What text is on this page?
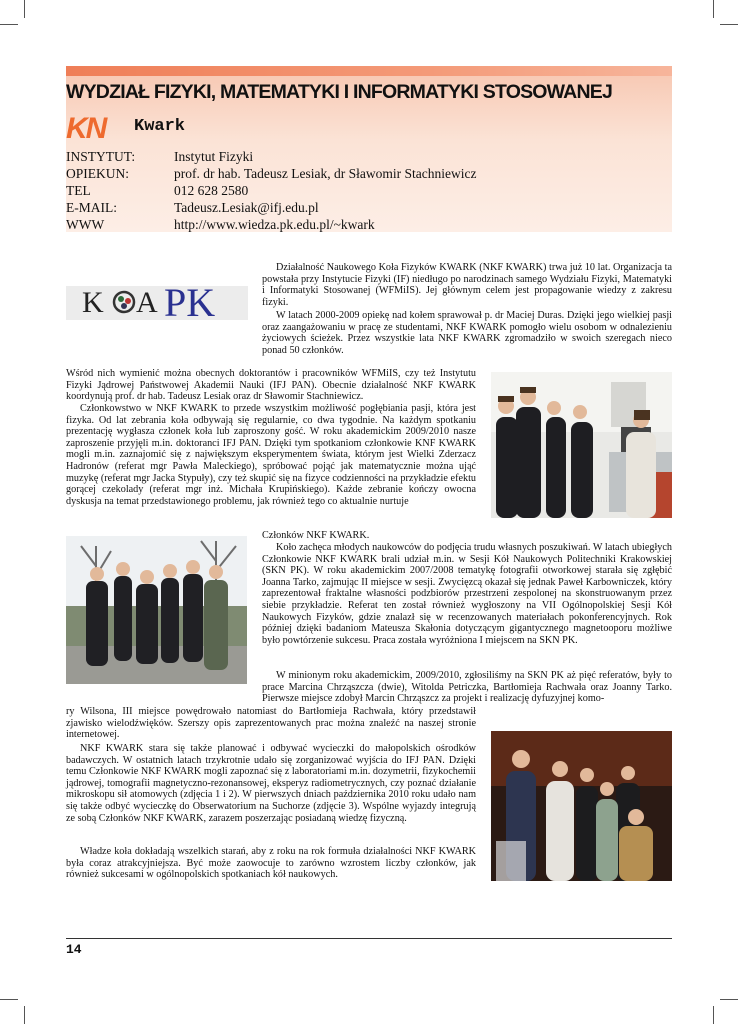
WYDZIAŁ FIZYKI, MATEMATYKI I INFORMATYKI STOSOWANEJ
KN Kwark
INSTYTUT:	Instytut Fizyki
OPIEKUN:	prof. dr hab. Tadeusz Lesiak, dr Sławomir Stachniewicz
TEL	012 628 2580
E-MAIL:	Tadeusz.Lesiak@ifj.edu.pl
WWW	http://www.wiedza.pk.edu.pl/~kwark
K A PK

Działalność Naukowego Koła Fizyków KWARK (NKF KWARK) trwa już 10 lat. Organizacja ta powstała przy Instytucie Fizyki (IF) niedługo po narodzinach samego Wydziału Fizyki, Matematyki i Informatyki Stosowanej (WFMiIS). Jej głównym celem jest propagowanie wiedzy z zakresu fizyki.

W latach 2000-2009 opiekę nad kołem sprawował p. dr Maciej Duras. Dzięki jego wielkiej pasji oraz zaangażowaniu w pracę ze studentami, NKF KWARK pomogło wielu osobom w odnalezieniu życiowych ścieżek. Przez wszystkie lata NKF KWARK zgromadziło w swoich szeregach nieco ponad 50 członków.

Wśród nich wymienić można obecnych doktorantów i pracowników WFMiIS, czy też Instytutu Fizyki Jądrowej Państwowej Akademii Nauki (IFJ PAN). Obecnie działalność NKF KWARK koordynują prof. dr hab. Tadeusz Lesiak oraz dr Sławomir Stachniewicz.

Członkowstwo w NKF KWARK to przede wszystkim możliwość pogłębiania pasji, która jest fizyka. Od lat zebrania koła odbywają się regularnie, co dwa tygodnie. Na każdym spotkaniu prezentację wygłasza członek koła lub zaproszony gość. W roku akademickim 2009/2010 nasze zaproszenie przyjęli m.in. doktoranci IFJ PAN. Dzięki tym spotkaniom członkowie KNF KWARK mogli m.in. zaznajomić się z największym eksperymentem świata, którym jest Wielki Zderzacz Hadronów (referat mgr Pawła Maleckiego), spróbować pojąć jak matematycznie można ująć muzykę (referat mgr Jacka Stypuły), czy też skupić się na fizyce codzienności na przykładzie efektu gorącej czekolady (referat mgr inż. Michała Krupińskiego). Każde zebranie kończy owocna dyskusja na temat przedstawionego problemu, jak również tego co aktualnie nurtuje

Członków NKF KWARK.

Koło zachęca młodych naukowców do podjęcia trudu własnych poszukiwań. W latach ubiegłych Członkowie NKF KWARK brali udział m.in. w Sesji Kół Naukowych Politechniki Krakowskiej (SKN PK). W roku akademickim 2007/2008 tematykę fotografii otworkowej starała się zgłębić Joanna Tarko, zajmując II miejsce w sesji. Zwycięzcą okazał się jednak Paweł Karbowniczek, który zaprezentował fraktalne własności podzbiorów przestrzeni zespolonej na skonstruowanym przez siebie przykładzie. Referat ten został również wygłoszony na VII Ogólnopolskiej Sesji Kół Naukowych Fizyków, gdzie znalazł się w recenzowanych materiałach pokonferencyjnych. Rok później dzięki badaniom Mateusza Skałonia dotyczącym gigantycznego magnetooporu możliwe było powtórzenie sukcesu. Praca została wyróżniona I miejscem na SKN PK.

W minionym roku akademickim, 2009/2010, zgłosiliśmy na SKN PK aż pięć referatów, były to prace Marcina Chrząszcza (dwie), Witolda Petriczka, Bartłomieja Rachwała oraz Joanny Tarko. Pierwsze miejsce zdobył Marcin Chrząszcz za projekt i realizację dyfuzyjnej komo-

ry Wilsona, III miejsce powędrowało natomiast do Bartłomieja Rachwała, który przedstawił zjawisko wielodźwięków. Szerszy opis zaprezentowanych prac można znaleźć na naszej stronie internetowej.

NKF KWARK stara się także planować i odbywać wycieczki do małopolskich ośrodków badawczych. W ostatnich latach trzykrotnie udało się zorganizować wyjścia do IFJ PAN. Dzięki temu Członkowie NKF KWARK mogli zapoznać się z laboratoriami m.in. dozymetrii, fizykochemii jądrowej, tomografii magnetyczno-rezonansowej, eksperyz radiometrycznych, czy poznać działanie mikroskopu sił atomowych (zdjęcia 1 i 2). W pierwszych dniach października 2010 roku udało nam się także odbyć wycieczkę do Obserwatorium na Suchorze (zdjęcie 3). Wspólne wyjazdy integrują ze sobą Członków NKF KWARK, zarazem poszerzając posiadaną wiedzę fizyczną.

Władze koła dokładają wszelkich starań, aby z roku na rok formuła działalności NKF KWARK była coraz atrakcyjniejsza. Być może zaowocuje to zarówno wzrostem liczby członków, jak również sukcesami w ogólnopolskich spotkaniach kół naukowych.

14
